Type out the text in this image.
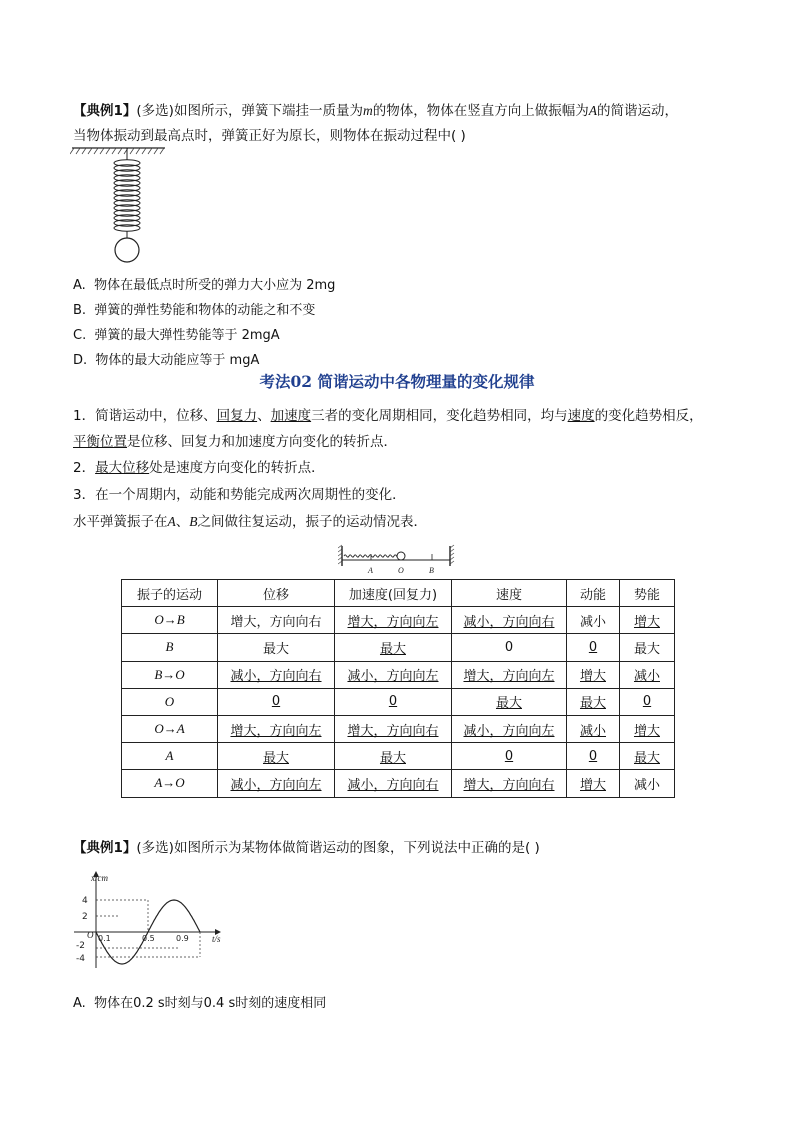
【典例1】(多选)如图所示，弹簧下端挂一质量为m的物体，物体在竖直方向上做振幅为A的简谐运动，
当物体振动到最高点时，弹簧正好为原长，则物体在振动过程中( )
A. 物体在最低点时所受的弹力大小应为 2mg
B. 弹簧的弹性势能和物体的动能之和不变
C. 弹簧的最大弹性势能等于 2mgA
D. 物体的最大动能应等于 mgA
考法02 简谐运动中各物理量的变化规律
1．简谐运动中，位移、回复力、加速度三者的变化周期相同，变化趋势相同，均与速度的变化趋势相反，
平衡位置是位移、回复力和加速度方向变化的转折点．
2．最大位移处是速度方向变化的转折点．
3．在一个周期内，动能和势能完成两次周期性的变化．
水平弹簧振子在A、B之间做往复运动，振子的运动情况表．
A	O	B
振子的运动	位移	加速度(回复力)	速度	动能	势能
O→B	增大，方向向右	增大，方向向左	减小，方向向右	减小	增大
B	最大	最大	0	0	最大
B→O	减小，方向向右	减小，方向向左	增大，方向向左	增大	减小
O	0	0	最大	最大	0
O→A	增大，方向向左	增大，方向向右	减小，方向向左	减小	增大
A	最大	最大	0	0	最大
A→O	减小，方向向左	减小，方向向右	增大，方向向右	增大	减小
【典例1】(多选)如图所示为某物体做简谐运动的图象，下列说法中正确的是( )
x/cm
t/s
4
2
-2
-4
O 0.1	0.5	0.9
A. 物体在0.2 s时刻与0.4 s时刻的速度相同
